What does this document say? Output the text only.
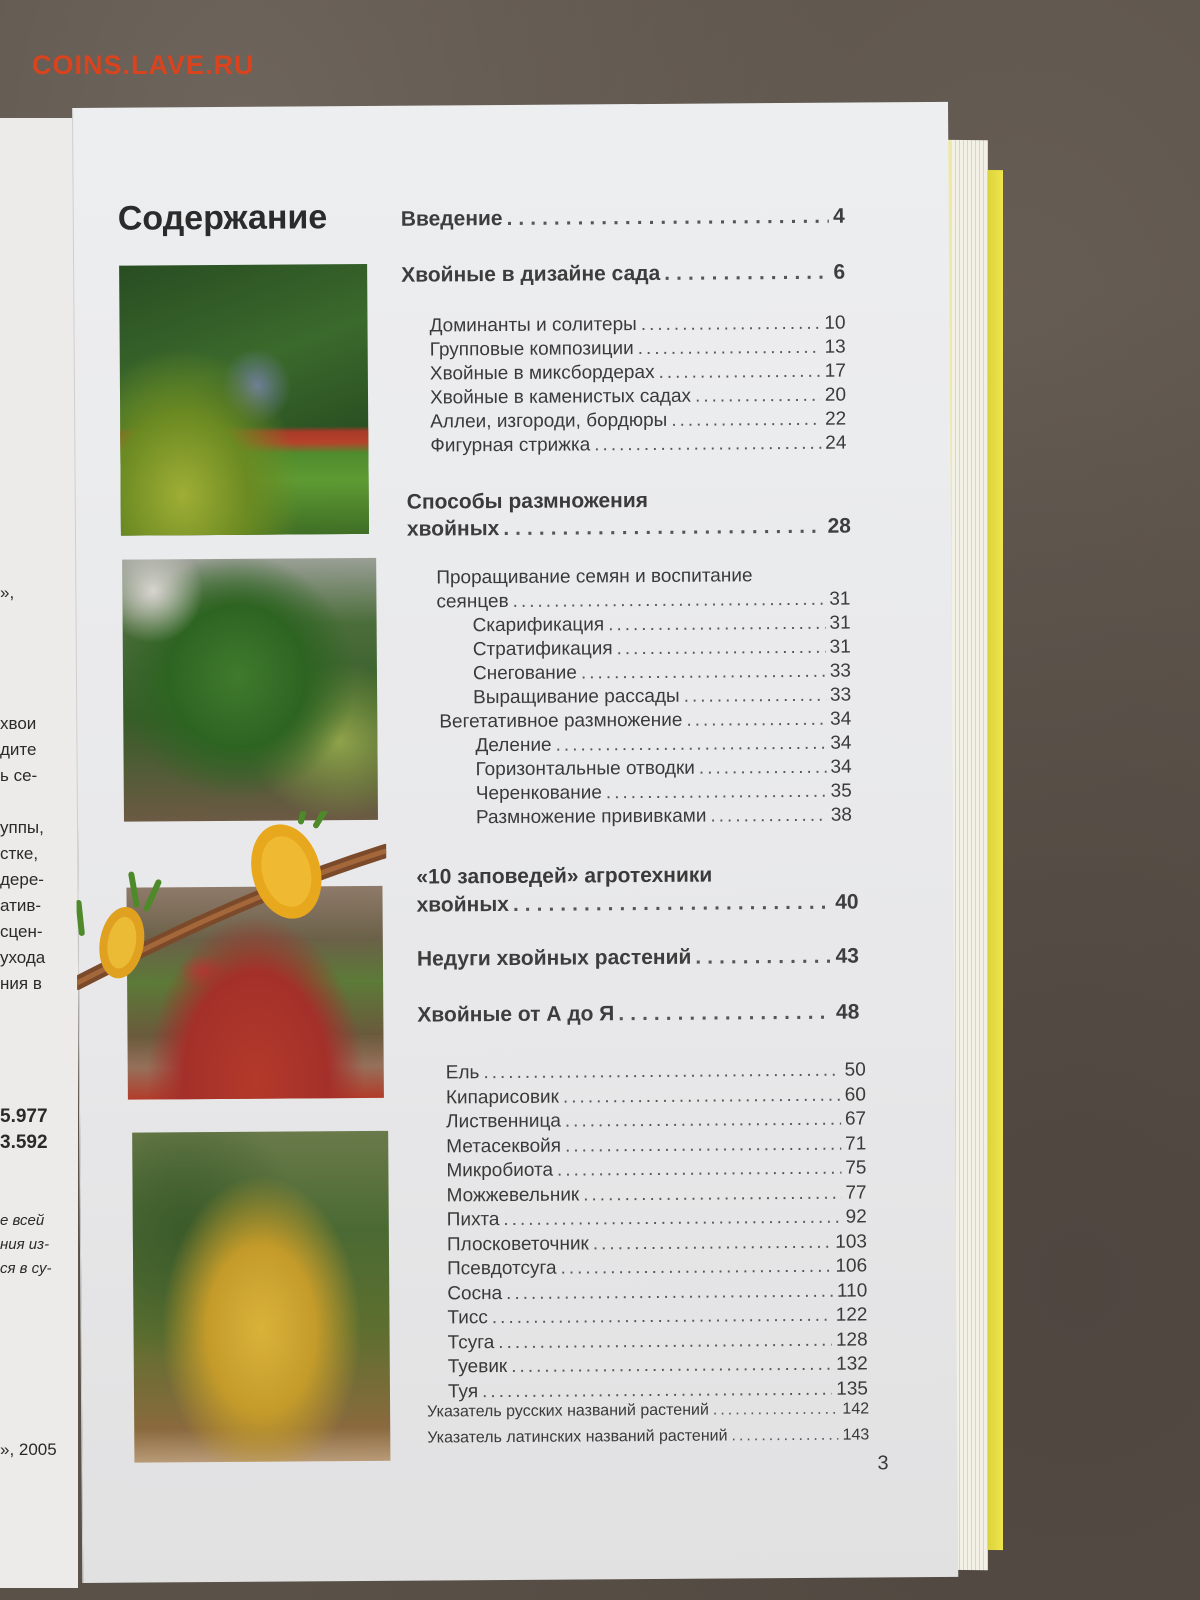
COINS.LAVE.RU
»,
хвои
дите
ь се-
уппы,
стке,
дере-
атив-
сцен-
ухода
ния в
5.977
3.592
е всей
ния из-
ся в су-
», 2005
Содержание	Введение .....	4
Хвойные в дизайне сада .....	6
Доминанты и солитеры .....	10
Групповые композиции .....	13
Хвойные в миксбордерах .....	17
Хвойные в каменистых садах .....	20
Аллеи, изгороди, бордюры .....	22
Фигурная стрижка .....	24
Способы размножения
хвойных .....	28
Проращивание семян и воспитание
сеянцев .....	31
Скарификация .....	31
Стратификация .....	31
Снегование .....	33
Выращивание рассады .....	33
Вегетативное размножение .....	34
Деление .....	34
Горизонтальные отводки .....	34
Черенкование .....	35
Размножение прививками .....	38
«10 заповедей» агротехники
хвойных .....	40
Недуги хвойных растений .....	43
Хвойные от А до Я .....	48
Ель .....	50
Кипарисовик .....	60
Лиственница .....	67
Метасеквойя .....	71
Микробиота .....	75
Можжевельник .....	77
Пихта .....	92
Плосковеточник .....	103
Псевдотсуга .....	106
Сосна .....	110
Тисс .....	122
Тсуга .....	128
Туевик .....	132
Туя .....	135
Указатель русских названий растений .....	142
Указатель латинских названий растений .....	143
3
